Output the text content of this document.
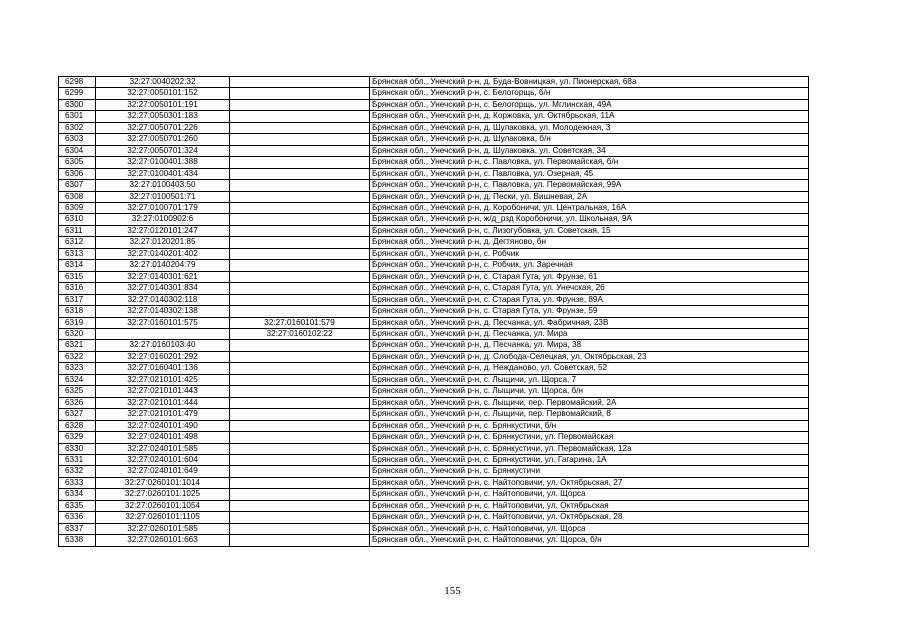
6298	32:27:0040202:32		Брянская обл., Унечский р-н, д. Буда-Вовницкая, ул. Пионерская, 68а
6299	32:27:0050101:152		Брянская обл., Унечский р-н, с. Белогорщь, б/н
6300	32:27:0050101:191		Брянская обл., Унечский р-н, с. Белогорщь, ул. Мглинская, 49А
6301	32:27:0050301:183		Брянская обл., Унечский р-н, д. Коржовка, ул. Октябрьская, 11А
6302	32:27:0050701:226		Брянская обл., Унечский р-н, д. Шулаковка, ул. Молодежная, 3
6303	32:27:0050701:260		Брянская обл., Унечский р-н, д. Шулаковка, б/н
6304	32:27:0050701:324		Брянская обл., Унечский р-н, д. Шулаковка, ул. Советская, 34
6305	32:27:0100401:388		Брянская обл., Унечский р-н, с. Павловка, ул. Первомайская, б/н
6306	32:27:0100401:434		Брянская обл., Унечский р-н, с. Павловка, ул. Озерная, 45
6307	32:27:0100403:50		Брянская обл., Унечский р-н, с. Павловка, ул. Первомайская, 99А
6308	32:27:0100501:71		Брянская обл., Унечский р-н, д. Пески, ул. Вишневая, 2А
6309	32:27:0100701:179		Брянская обл., Унечский р-н, д. Коробоничи, ул. Центральная, 16А
6310	32:27:0100902:6		Брянская обл., Унечский р-н, ж/д_рзд Коробоничи, ул. Школьная, 9А
6311	32:27:0120101:247		Брянская обл., Унечский р-н, с. Лизогубовка, ул. Советская, 15
6312	32:27:0120201:85		Брянская обл., Унечский р-н, д. Дегтяново, бн
6313	32:27:0140201:402		Брянская обл., Унечский р-н, с. Робчик
6314	32:27:0140204:79		Брянская обл., Унечский р-н, с. Робчик, ул. Заречная
6315	32:27:0140301:621		Брянская обл., Унечский р-н, с. Старая Гута, ул. Фрунзе, 61
6316	32:27:0140301:834		Брянская обл., Унечский р-н, с. Старая Гута, ул. Унечская, 26
6317	32:27:0140302:118		Брянская обл., Унечский р-н, с. Старая Гута, ул. Фрунзе, 89А
6318	32:27:0140302:138		Брянская обл., Унечский р-н, с. Старая Гута, ул. Фрунзе, 59
6319	32:27:0160101:575	32:27:0160101:579	Брянская обл., Унечский р-н, д. Песчанка, ул. Фабричная, 23В
6320		32:27:0160102:22	Брянская обл., Унечский р-н, д. Песчанка, ул. Мира
6321	32:27:0160103:40		Брянская обл., Унечский р-н, д. Песчанка, ул. Мира, 38
6322	32:27:0160201:292		Брянская обл., Унечский р-н, д. Слобода-Селецкая, ул. Октябрьская, 23
6323	32:27:0160401:136		Брянская обл., Унечский р-н, д. Нежданово, ул. Советская, 52
6324	32:27:0210101:425		Брянская обл., Унечский р-н, с. Лыщичи, ул. Щорса, 7
6325	32:27:0210101:443		Брянская обл., Унечский р-н, с. Лыщичи, ул. Щорса, б/н
6326	32:27:0210101:444		Брянская обл., Унечский р-н, с. Лыщичи, пер. Первомайский, 2А
6327	32:27:0210101:479		Брянская обл., Унечский р-н, с. Лыщичи, пер. Первомайский, 8
6328	32:27:0240101:490		Брянская обл., Унечский р-н, с. Брянкустичи, б/н
6329	32:27:0240101:498		Брянская обл., Унечский р-н, с. Брянкустичи, ул. Первомайская
6330	32:27:0240101:585		Брянская обл., Унечский р-н, с. Брянкустичи, ул. Первомайская, 12а
6331	32:27:0240101:604		Брянская обл., Унечский р-н, с. Брянкустичи, ул. Гагарина, 1А
6332	32:27:0240101:649		Брянская обл., Унечский р-н, с. Брянкустичи
6333	32:27:0260101:1014		Брянская обл., Унечский р-н, с. Найтоповичи, ул. Октябрьская, 27
6334	32:27:0260101:1025		Брянская обл., Унечский р-н, с. Найтоповичи, ул. Щорса
6335	32:27:0260101:1054		Брянская обл., Унечский р-н, с. Найтоповичи, ул. Октябрьская
6336	32:27:0260101:1105		Брянская обл., Унечский р-н, с. Найтоповичи, ул. Октябрьская, 28
6337	32:27:0260101:585		Брянская обл., Унечский р-н, с. Найтоповичи, ул. Щорса
6338	32:27:0260101:663		Брянская обл., Унечский р-н, с. Найтоповичи, ул. Щорса, б/н
155
